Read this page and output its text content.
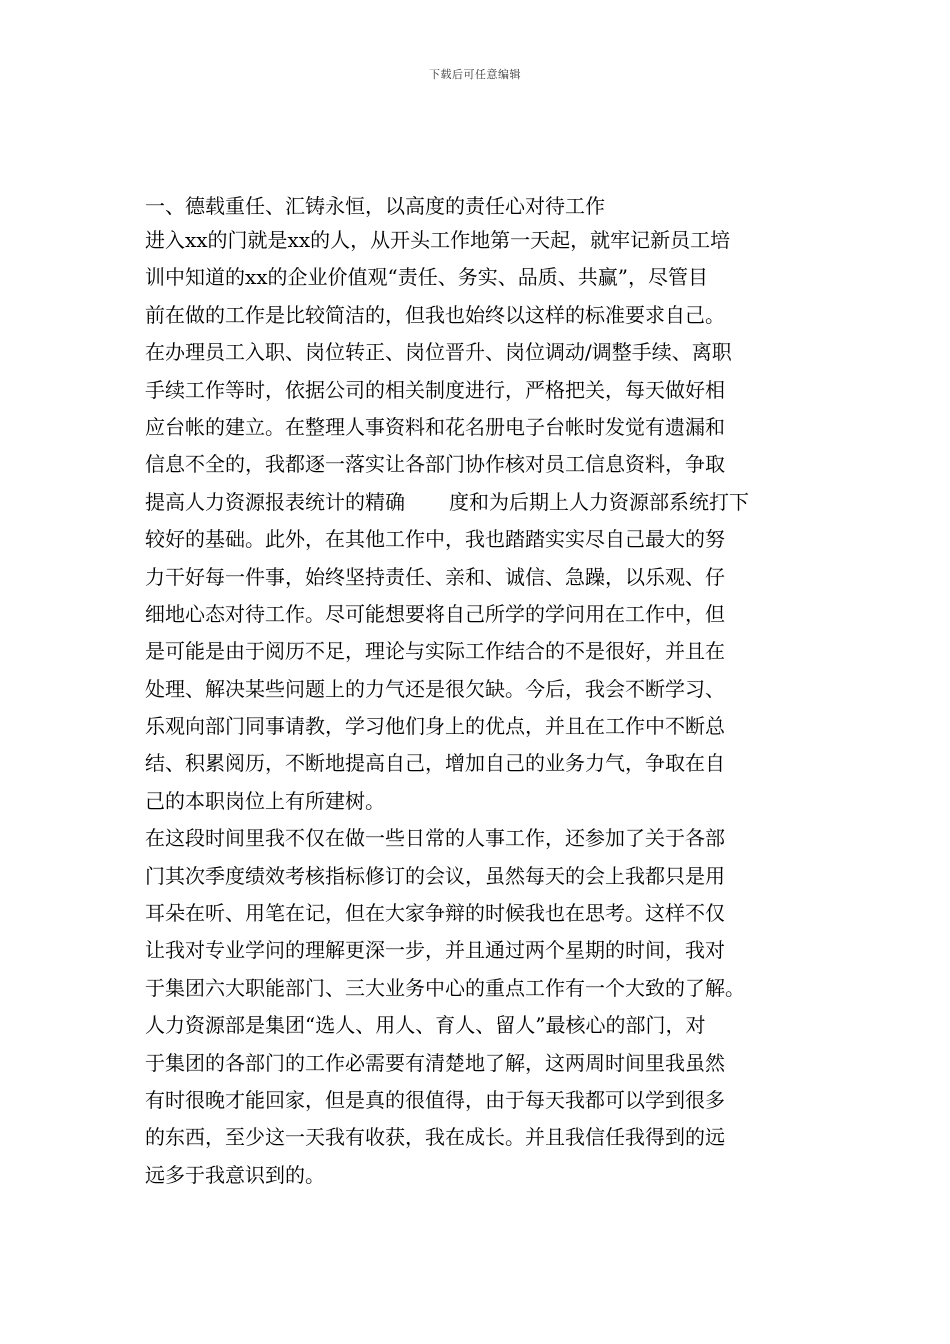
下载后可任意编辑

一、德载重任、汇铸永恒，以高度的责任心对待工作

进入xx的门就是xx的人，从开头工作地第一天起，就牢记新员工培

训中知道的xx的企业价值观“责任、务实、品质、共赢”，尽管目

前在做的工作是比较简洁的，但我也始终以这样的标准要求自己。

在办理员工入职、岗位转正、岗位晋升、岗位调动/调整手续、离职

手续工作等时，依据公司的相关制度进行，严格把关，每天做好相

应台帐的建立。在整理人事资料和花名册电子台帐时发觉有遗漏和

信息不全的，我都逐一落实让各部门协作核对员工信息资料，争取

提高人力资源报表统计的精确 度和为后期上人力资源部系统打下

较好的基础。此外，在其他工作中，我也踏踏实实尽自己最大的努

力干好每一件事，始终坚持责任、亲和、诚信、急躁，以乐观、仔

细地心态对待工作。尽可能想要将自己所学的学问用在工作中，但

是可能是由于阅历不足，理论与实际工作结合的不是很好，并且在

处理、解决某些问题上的力气还是很欠缺。今后，我会不断学习、

乐观向部门同事请教，学习他们身上的优点，并且在工作中不断总

结、积累阅历，不断地提高自己，增加自己的业务力气，争取在自

己的本职岗位上有所建树。

在这段时间里我不仅在做一些日常的人事工作，还参加了关于各部

门其次季度绩效考核指标修订的会议，虽然每天的会上我都只是用

耳朵在听、用笔在记，但在大家争辩的时候我也在思考。这样不仅

让我对专业学问的理解更深一步，并且通过两个星期的时间，我对

于集团六大职能部门、三大业务中心的重点工作有一个大致的了解。

人力资源部是集团“选人、用人、育人、留人”最核心的部门，对

于集团的各部门的工作必需要有清楚地了解，这两周时间里我虽然

有时很晚才能回家，但是真的很值得，由于每天我都可以学到很多

的东西，至少这一天我有收获，我在成长。并且我信任我得到的远

远多于我意识到的。
